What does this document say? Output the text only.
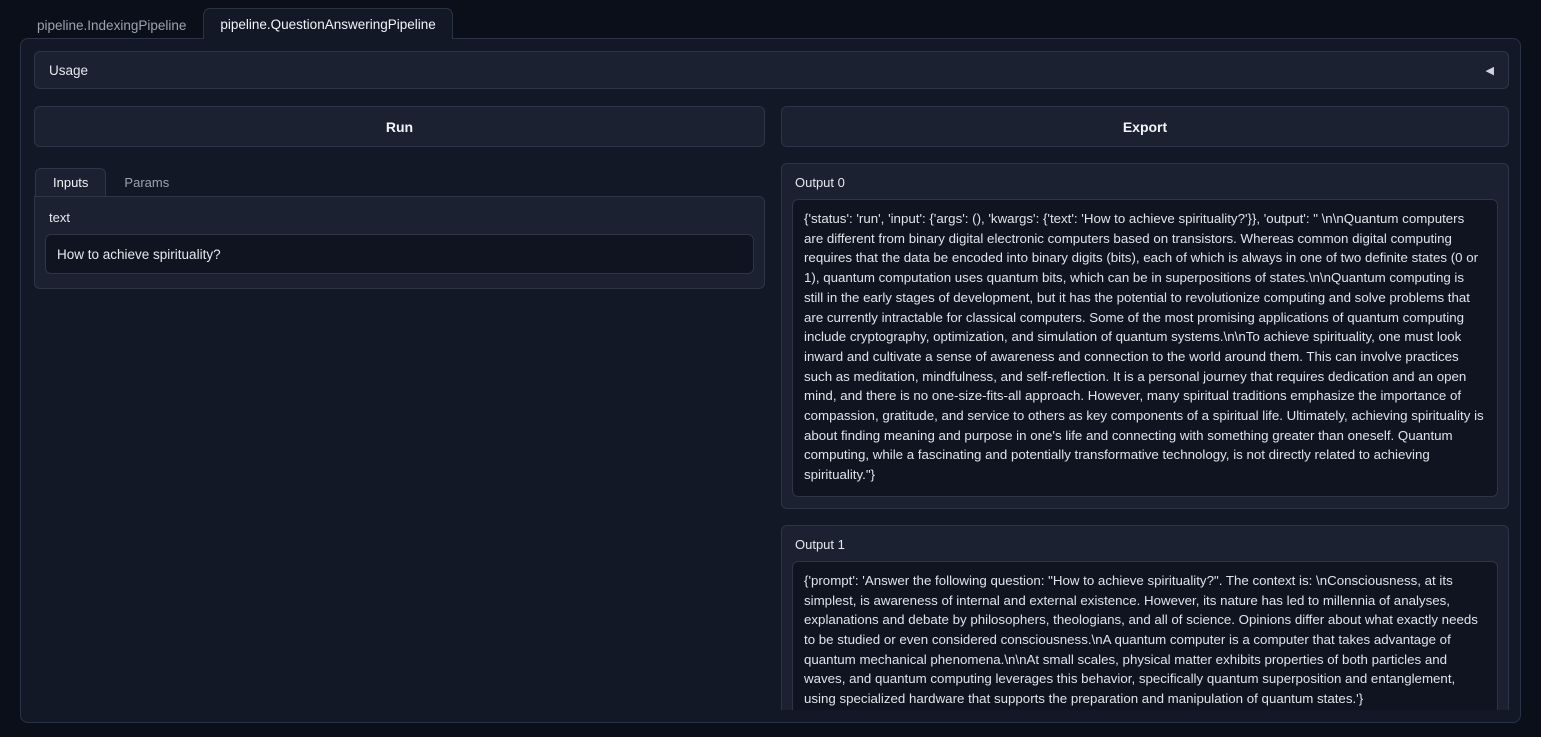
pipeline.IndexingPipeline	pipeline.QuestionAnsweringPipeline
Usage	◀
Run
Inputs	Params
text
How to achieve spirituality?
Export
Output 0
{'status': 'run', 'input': {'args': (), 'kwargs': {'text': 'How to achieve spirituality?'}}, 'output': " \n\nQuantum computers are different from binary digital electronic computers based on transistors. Whereas common digital computing requires that the data be encoded into binary digits (bits), each of which is always in one of two definite states (0 or 1), quantum computation uses quantum bits, which can be in superpositions of states.\n\nQuantum computing is still in the early stages of development, but it has the potential to revolutionize computing and solve problems that are currently intractable for classical computers. Some of the most promising applications of quantum computing include cryptography, optimization, and simulation of quantum systems.\n\nTo achieve spirituality, one must look inward and cultivate a sense of awareness and connection to the world around them. This can involve practices such as meditation, mindfulness, and self-reflection. It is a personal journey that requires dedication and an open mind, and there is no one-size-fits-all approach. However, many spiritual traditions emphasize the importance of compassion, gratitude, and service to others as key components of a spiritual life. Ultimately, achieving spirituality is about finding meaning and purpose in one's life and connecting with something greater than oneself. Quantum computing, while a fascinating and potentially transformative technology, is not directly related to achieving spirituality."}
Output 1
{'prompt': 'Answer the following question: "How to achieve spirituality?". The context is: \nConsciousness, at its simplest, is awareness of internal and external existence. However, its nature has led to millennia of analyses, explanations and debate by philosophers, theologians, and all of science. Opinions differ about what exactly needs to be studied or even considered consciousness.\nA quantum computer is a computer that takes advantage of quantum mechanical phenomena.\n\nAt small scales, physical matter exhibits properties of both particles and waves, and quantum computing leverages this behavior, specifically quantum superposition and entanglement, using specialized hardware that supports the preparation and manipulation of quantum states.'}
